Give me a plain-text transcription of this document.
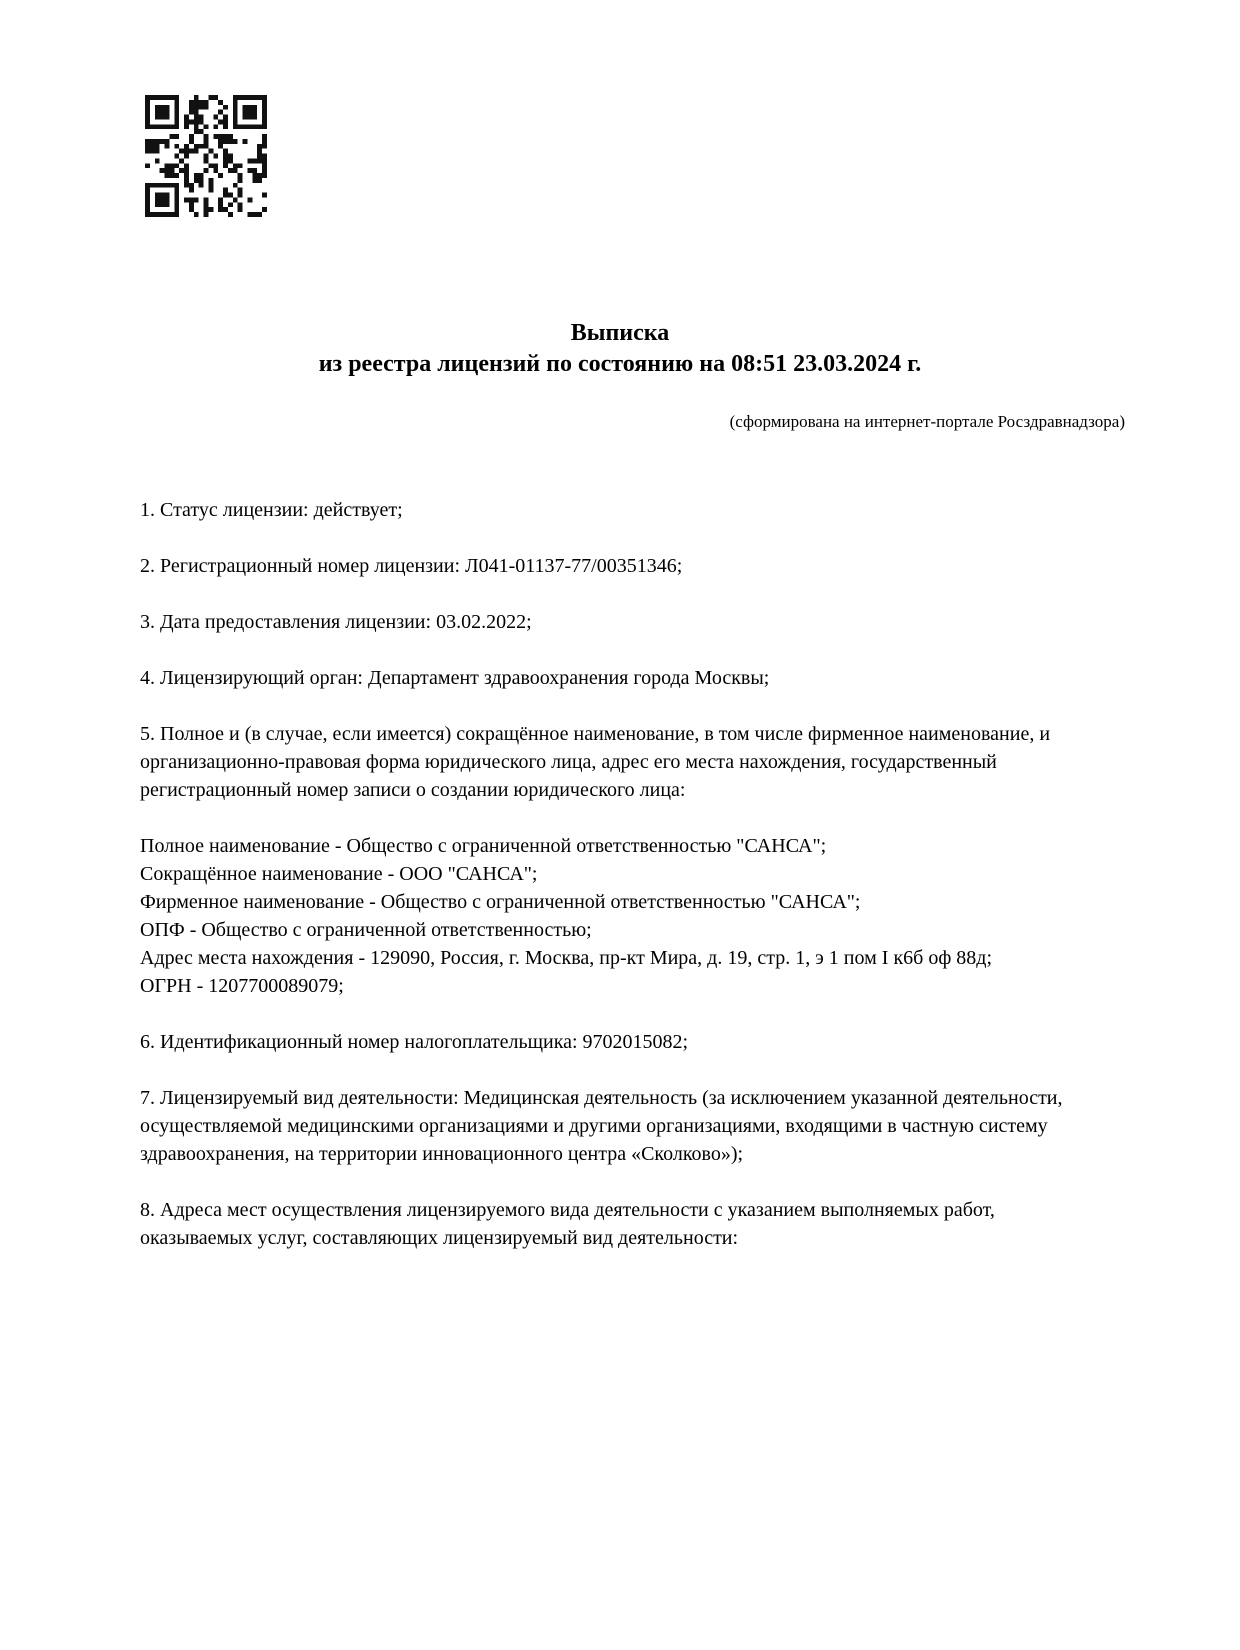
Выписка
из реестра лицензий по состоянию на 08:51 23.03.2024 г.
(сформирована на интернет-портале Росздравнадзора)
1. Статус лицензии: действует;
2. Регистрационный номер лицензии: Л041-01137-77/00351346;
3. Дата предоставления лицензии: 03.02.2022;
4. Лицензирующий орган: Департамент здравоохранения города Москвы;
5. Полное и (в случае, если имеется) сокращённое наименование, в том числе фирменное наименование, и организационно-правовая форма юридического лица, адрес его места нахождения, государственный регистрационный номер записи о создании юридического лица:
Полное наименование - Общество с ограниченной ответственностью "САНСА";
Сокращённое наименование - ООО "САНСА";
Фирменное наименование - Общество с ограниченной ответственностью "САНСА";
ОПФ - Общество с ограниченной ответственностью;
Адрес места нахождения - 129090, Россия, г. Москва, пр-кт Мира, д. 19, стр. 1, э 1 пом I к6б оф 88д;
ОГРН - 1207700089079;
6. Идентификационный номер налогоплательщика: 9702015082;
7. Лицензируемый вид деятельности: Медицинская деятельность (за исключением указанной деятельности, осуществляемой медицинскими организациями и другими организациями, входящими в частную систему здравоохранения, на территории инновационного центра «Сколково»);
8. Адреса мест осуществления лицензируемого вида деятельности с указанием выполняемых работ, оказываемых услуг, составляющих лицензируемый вид деятельности:
